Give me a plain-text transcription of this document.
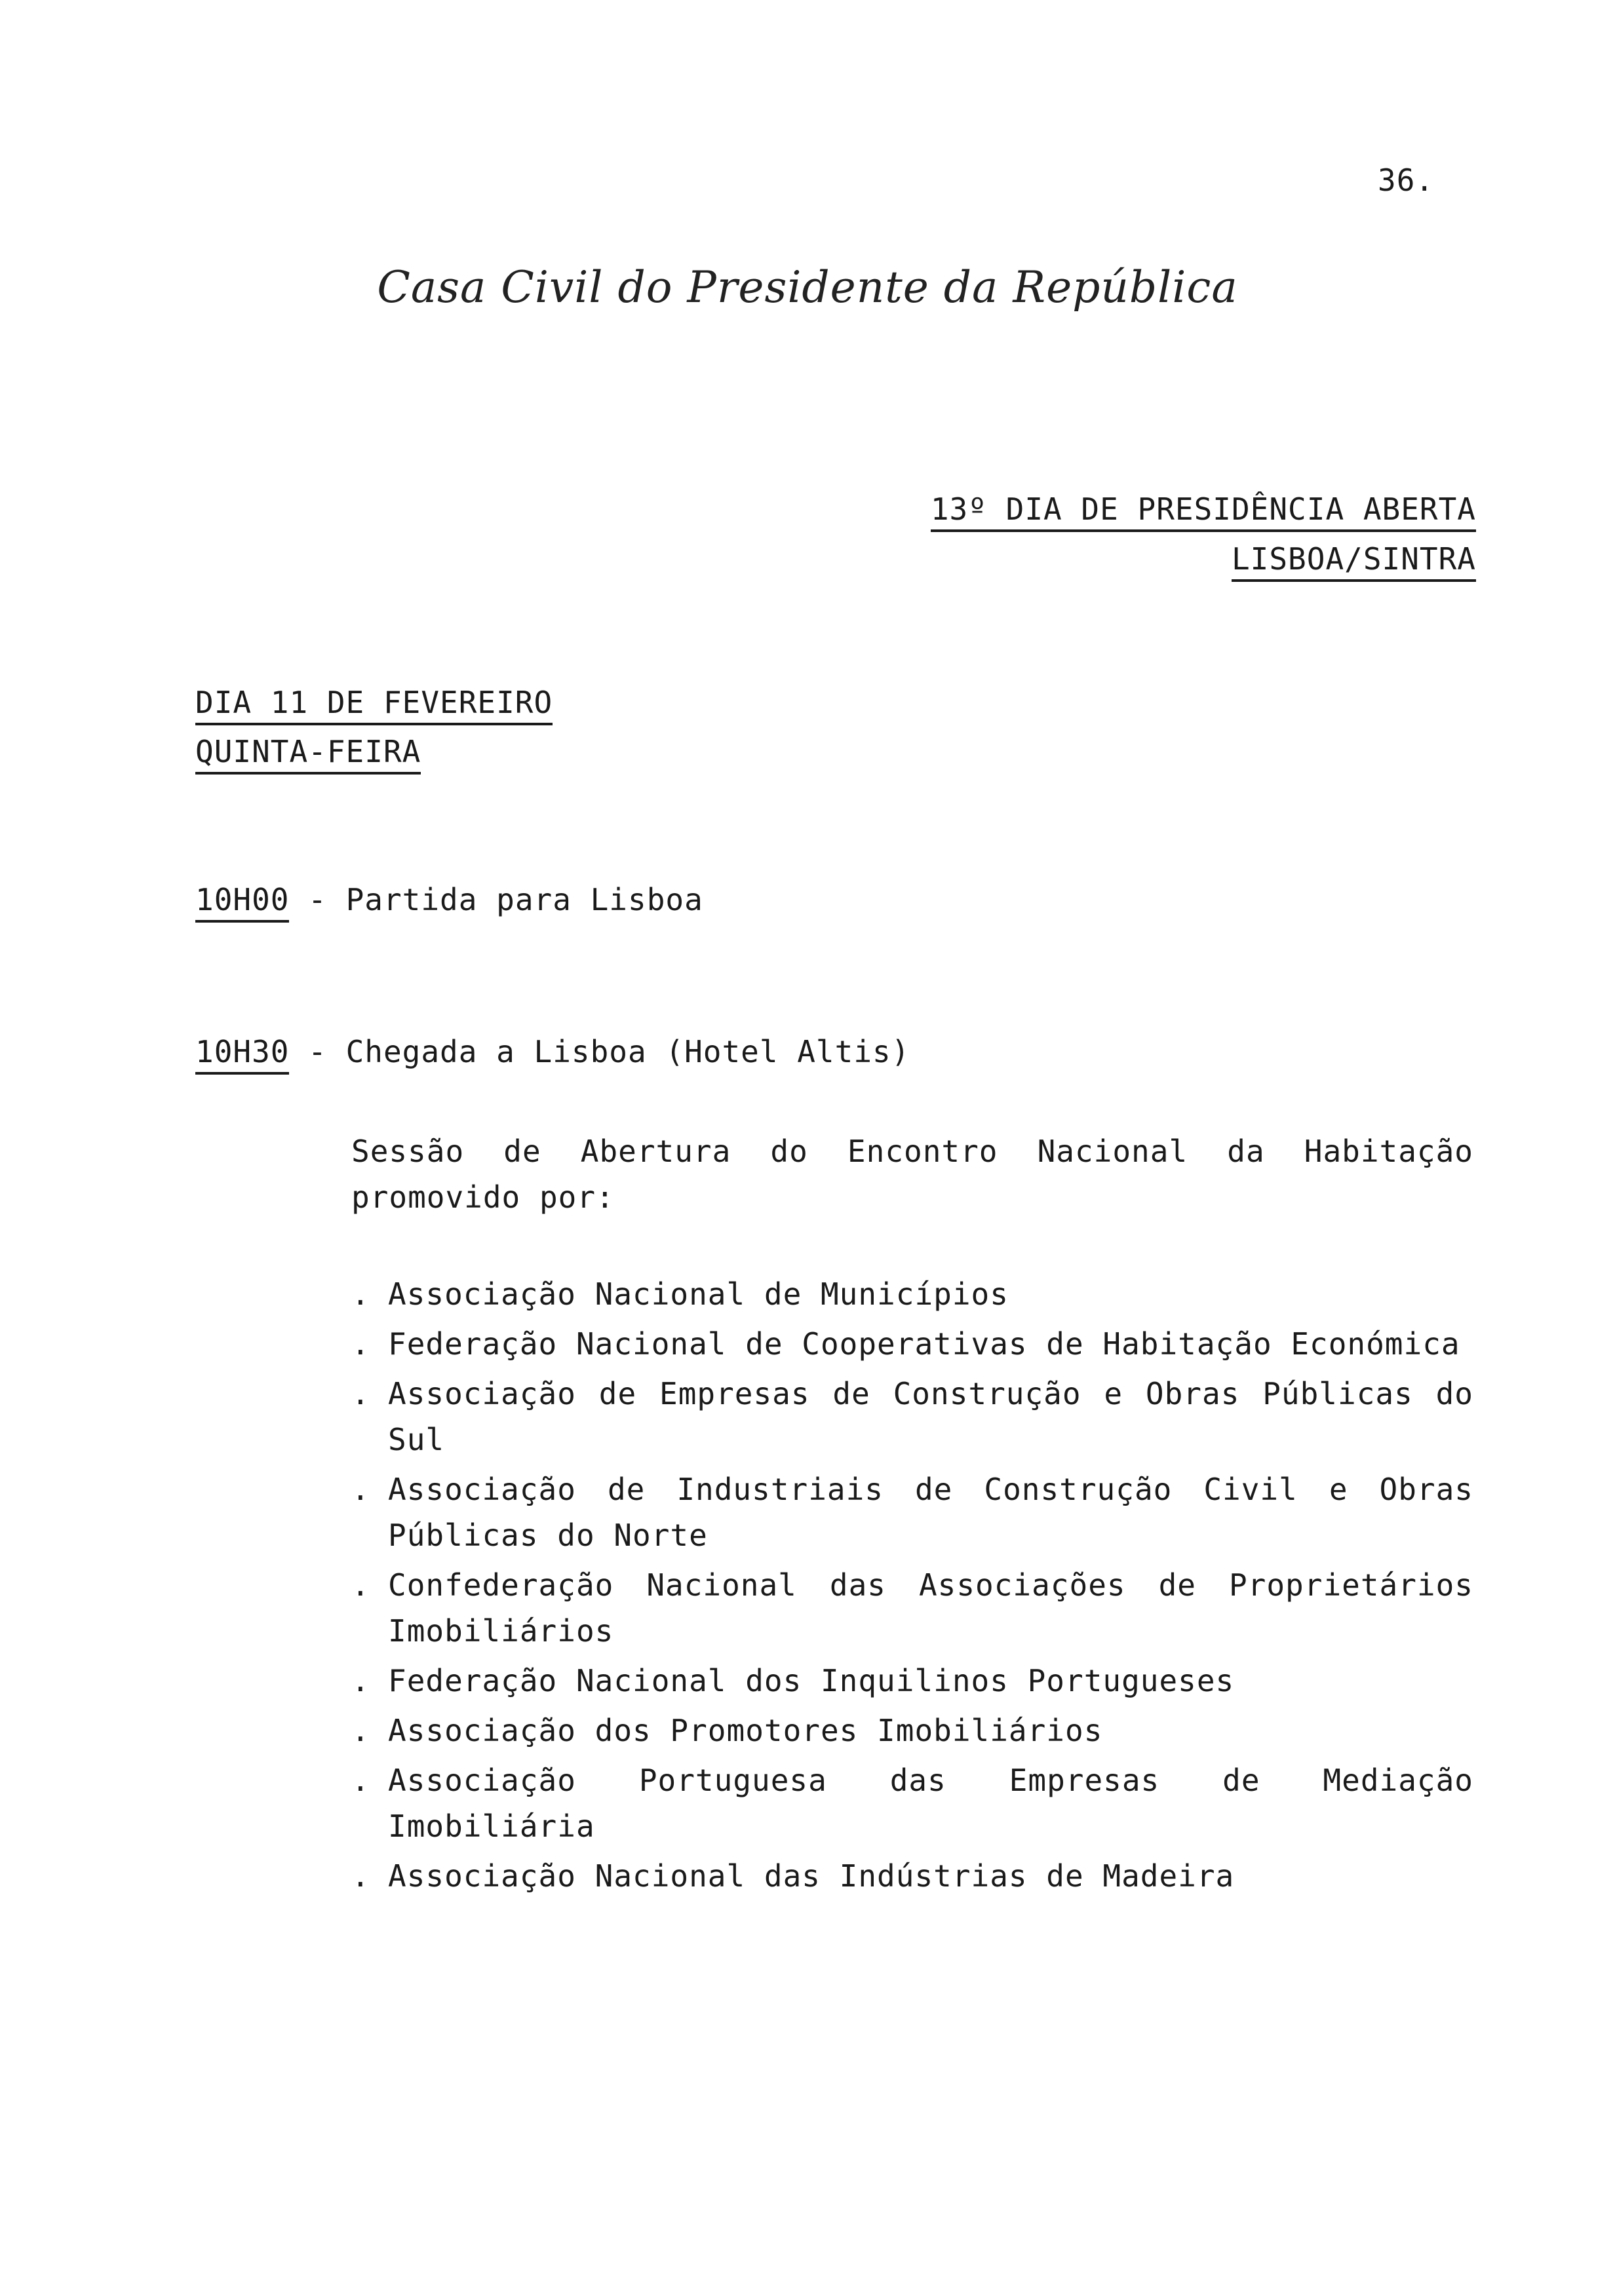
36.
Casa Civil do Presidente da República
13º DIA DE PRESIDÊNCIA ABERTA
LISBOA/SINTRA
DIA 11 DE FEVEREIRO
QUINTA-FEIRA
10H00 - Partida para Lisboa
10H30 - Chegada a Lisboa (Hotel Altis)
Sessão de Abertura do Encontro Nacional da Habitação promovido por:
. Associação Nacional de Municípios
. Federação Nacional de Cooperativas de Habitação Económica
. Associação de Empresas de Construção e Obras Públicas do Sul
. Associação de Industriais de Construção Civil e Obras Públicas do Norte
. Confederação Nacional das Associações de Proprietários Imobiliários
. Federação Nacional dos Inquilinos Portugueses
. Associação dos Promotores Imobiliários
. Associação Portuguesa das Empresas de Mediação Imobiliária
. Associação Nacional das Indústrias de Madeira
